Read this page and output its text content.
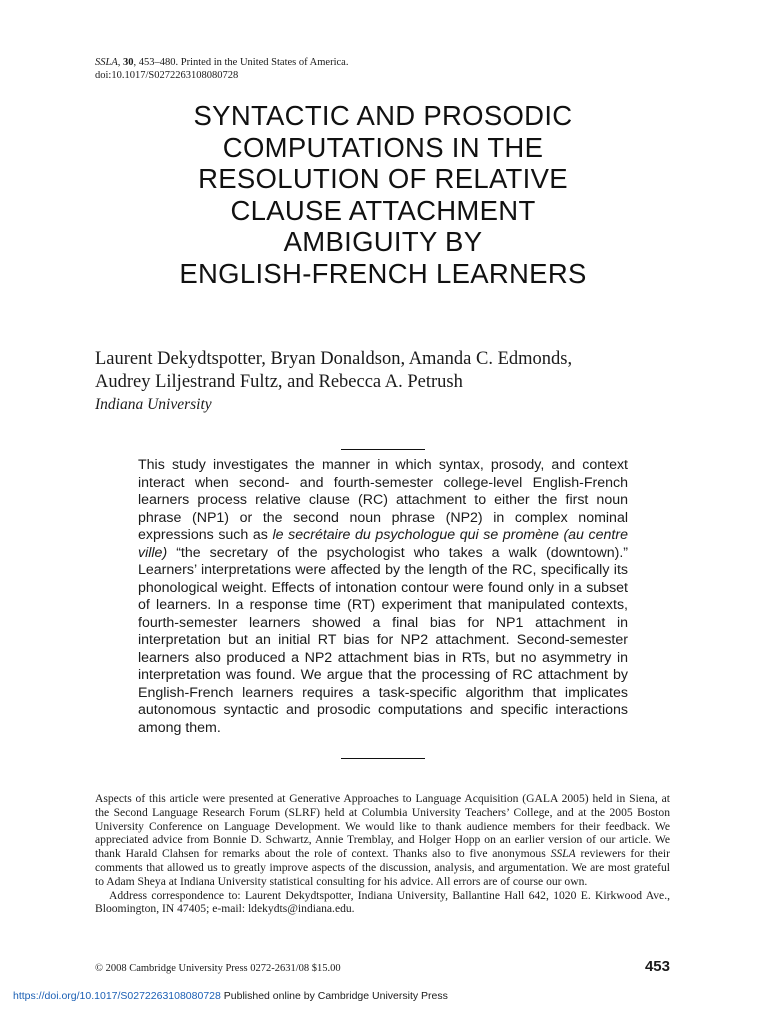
SSLA, 30, 453–480. Printed in the United States of America.
doi:10.1017/S0272263108080728
SYNTACTIC AND PROSODIC
COMPUTATIONS IN THE
RESOLUTION OF RELATIVE
CLAUSE ATTACHMENT
AMBIGUITY BY
ENGLISH-FRENCH LEARNERS
Laurent Dekydtspotter, Bryan Donaldson, Amanda C. Edmonds,
Audrey Liljestrand Fultz, and Rebecca A. Petrush
Indiana University
This study investigates the manner in which syntax, prosody, and context interact when second- and fourth-semester college-level English-French learners process relative clause (RC) attachment to either the first noun phrase (NP1) or the second noun phrase (NP2) in complex nominal expressions such as le secrétaire du psychologue qui se promène (au centre ville) “the secretary of the psychologist who takes a walk (downtown).” Learners’ interpretations were affected by the length of the RC, specifically its phonological weight. Effects of intonation contour were found only in a subset of learners. In a response time (RT) experiment that manipulated contexts, fourth-semester learners showed a final bias for NP1 attachment in interpretation but an initial RT bias for NP2 attachment. Second-semester learners also produced a NP2 attachment bias in RTs, but no asymmetry in interpretation was found. We argue that the processing of RC attachment by English-French learners requires a task-specific algorithm that implicates autonomous syntactic and prosodic computations and specific interactions among them.

Aspects of this article were presented at Generative Approaches to Language Acquisition (GALA 2005) held in Siena, at the Second Language Research Forum (SLRF) held at Columbia University Teachers’ College, and at the 2005 Boston University Conference on Language Development. We would like to thank audience members for their feedback. We appreciated advice from Bonnie D. Schwartz, Annie Tremblay, and Holger Hopp on an earlier version of our article. We thank Harald Clahsen for remarks about the role of context. Thanks also to five anonymous SSLA reviewers for their comments that allowed us to greatly improve aspects of the discussion, analysis, and argumentation. We are most grateful to Adam Sheya at Indiana University statistical consulting for his advice. All errors are of course our own.

Address correspondence to: Laurent Dekydtspotter, Indiana University, Ballantine Hall 642, 1020 E. Kirkwood Ave., Bloomington, IN 47405; e-mail: ldekydts@indiana.edu.

© 2008 Cambridge University Press 0272-2631/08 $15.00	453
https://doi.org/10.1017/S0272263108080728 Published online by Cambridge University Press
